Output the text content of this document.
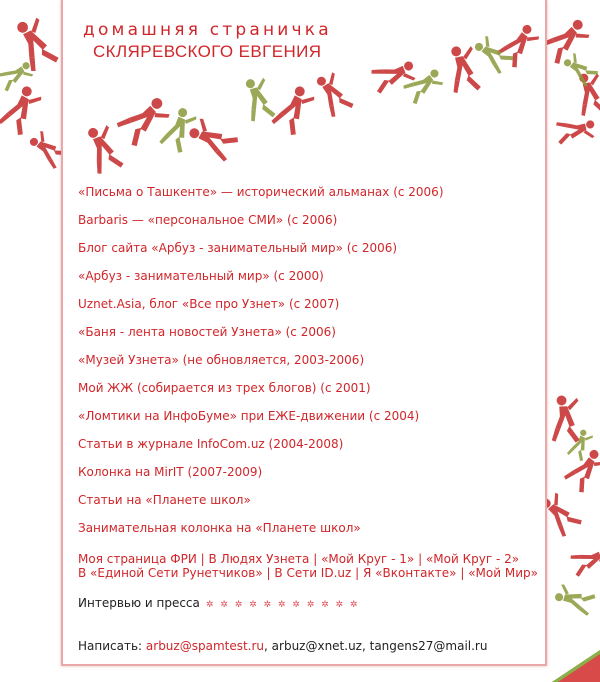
домашняя страничка
СКЛЯРЕВСКОГО ЕВГЕНИЯ
«Письма о Ташкенте» — исторический альманах (с 2006)
Barbaris — «персональное СМИ» (с 2006)
Блог сайта «Арбуз - занимательный мир» (с 2006)
«Арбуз - занимательный мир» (с 2000)
Uznet.Asia, блог «Все про Узнет» (с 2007)
«Баня - лента новостей Узнета» (с 2006)
«Музей Узнета» (не обновляется, 2003-2006)
Мой ЖЖ (собирается из трех блогов) (с 2001)
«Ломтики на ИнфоБуме» при ЕЖЕ-движении (с 2004)
Статьи в журнале InfoCom.uz (2004-2008)
Колонка на MirIT (2007-2009)
Статьи на «Планете школ»
Занимательная колонка на «Планете школ»
Моя страница ФРИ | В Людях Узнета | «Мой Круг - 1» | «Мой Круг - 2»
В «Единой Сети Рунетчиков» | В Сети ID.uz | Я «Вконтакте» | «Мой Мир»
Интервью и пресса ✲ ✲ ✲ ✲ ✲ ✲ ✲ ✲ ✲ ✲ ✲
Написать: arbuz@spamtest.ru, arbuz@xnet.uz, tangens27@mail.ru
